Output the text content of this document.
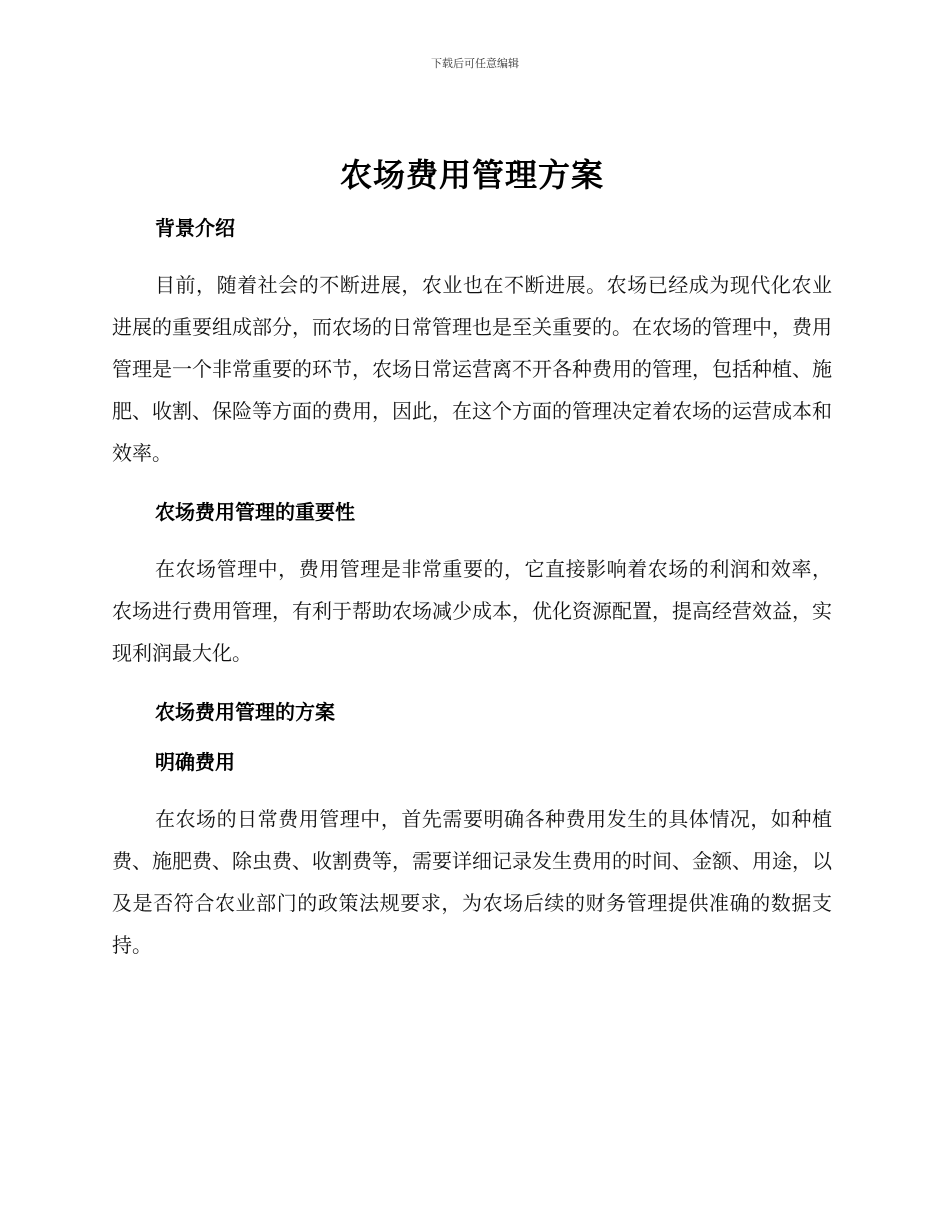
下载后可任意编辑
农场费用管理方案
背景介绍

目前，随着社会的不断进展，农业也在不断进展。农场已经成为现代化农业进展的重要组成部分，而农场的日常管理也是至关重要的。在农场的管理中，费用管理是一个非常重要的环节，农场日常运营离不开各种费用的管理，包括种植、施肥、收割、保险等方面的费用，因此，在这个方面的管理决定着农场的运营成本和效率。

农场费用管理的重要性

在农场管理中，费用管理是非常重要的，它直接影响着农场的利润和效率，农场进行费用管理，有利于帮助农场减少成本，优化资源配置，提高经营效益，实现利润最大化。

农场费用管理的方案
明确费用

在农场的日常费用管理中，首先需要明确各种费用发生的具体情况，如种植费、施肥费、除虫费、收割费等，需要详细记录发生费用的时间、金额、用途，以及是否符合农业部门的政策法规要求，为农场后续的财务管理提供准确的数据支持。
